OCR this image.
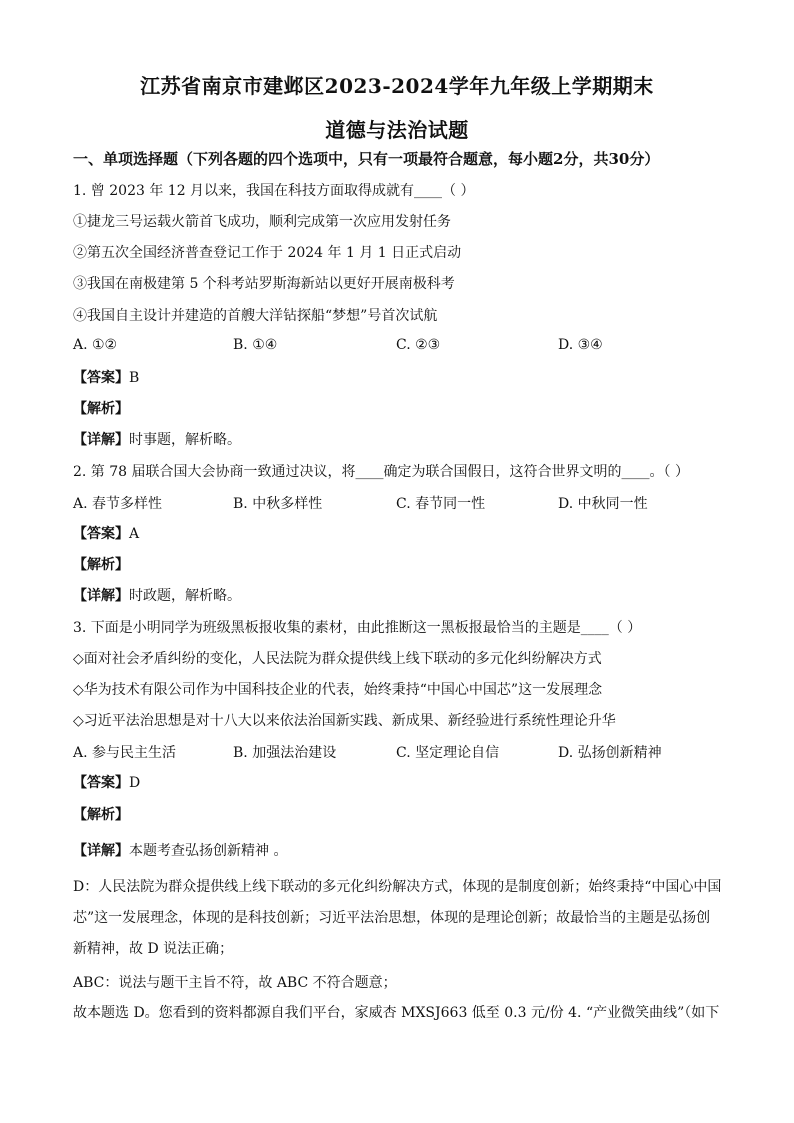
江苏省南京市建邺区2023-2024学年九年级上学期期末
道德与法治试题
一、单项选择题（下列各题的四个选项中，只有一项最符合题意，每小题2分，共30分）
1. 曾 2023 年 12 月以来，我国在科技方面取得成就有____（ ）
①捷龙三号运载火箭首飞成功，顺利完成第一次应用发射任务
②第五次全国经济普查登记工作于 2024 年 1 月 1 日正式启动
③我国在南极建第 5 个科考站罗斯海新站以更好开展南极科考
④我国自主设计并建造的首艘大洋钻探船“梦想”号首次试航
A. ①②	B. ①④	C. ②③	D. ③④
【答案】B
【解析】
【详解】时事题，解析略。
2. 第 78 届联合国大会协商一致通过决议，将____确定为联合国假日，这符合世界文明的____。（ ）
A. 春节多样性	B. 中秋多样性	C. 春节同一性	D. 中秋同一性
【答案】A
【解析】
【详解】时政题，解析略。
3. 下面是小明同学为班级黑板报收集的素材，由此推断这一黑板报最恰当的主题是____（ ）
◇面对社会矛盾纠纷的变化，人民法院为群众提供线上线下联动的多元化纠纷解决方式
◇华为技术有限公司作为中国科技企业的代表，始终秉持“中国心中国芯”这一发展理念
◇习近平法治思想是对十八大以来依法治国新实践、新成果、新经验进行系统性理论升华
A. 参与民主生活	B. 加强法治建设	C. 坚定理论自信	D. 弘扬创新精神
【答案】D
【解析】
【详解】本题考查弘扬创新精神 。
D：人民法院为群众提供线上线下联动的多元化纠纷解决方式，体现的是制度创新；始终秉持“中国心中国芯”这一发展理念，体现的是科技创新；习近平法治思想，体现的是理论创新；故最恰当的主题是弘扬创新精神，故 D 说法正确；
ABC：说法与题干主旨不符，故 ABC 不符合题意；
故本题选 D。您看到的资料都源自我们平台，家威杏 MXSJ663 低至 0.3 元/份 4. “产业微笑曲线”（如下
